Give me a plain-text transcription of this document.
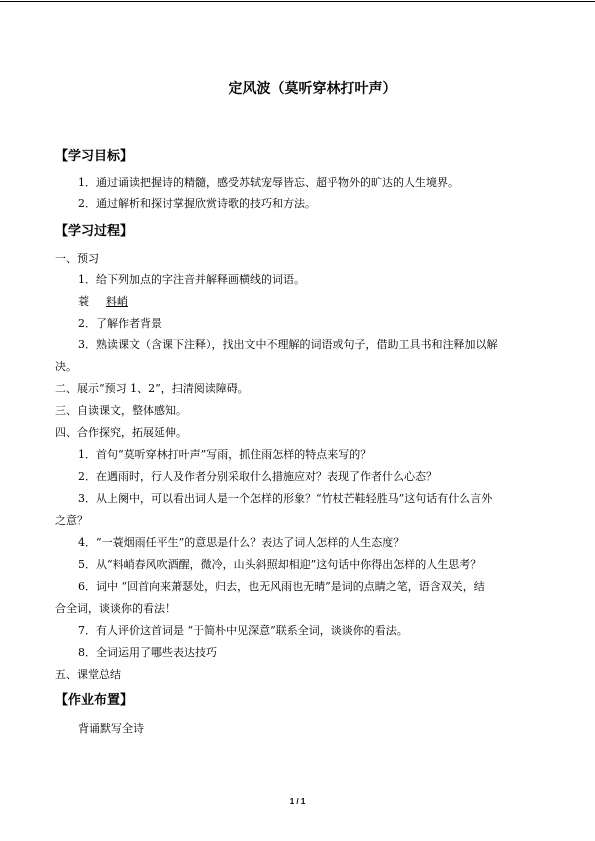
定风波（莫听穿林打叶声）
【学习目标】
1．通过诵读把握诗的精髓，感受苏轼宠辱皆忘、超乎物外的旷达的人生境界。
2．通过解析和探讨掌握欣赏诗歌的技巧和方法。
【学习过程】
一、预习
1．给下列加点的字注音并解释画横线的词语。
蓑 料峭
2．了解作者背景
3．熟读课文（含课下注释），找出文中不理解的词语或句子，借助工具书和注释加以解
决。
二、展示“预习 1、2”，扫清阅读障碍。
三、自读课文，整体感知。
四、合作探究，拓展延伸。
1．首句“莫听穿林打叶声”写雨，抓住雨怎样的特点来写的？
2．在遇雨时，行人及作者分别采取什么措施应对？表现了作者什么心态？
3．从上阕中，可以看出词人是一个怎样的形象？“竹杖芒鞋轻胜马”这句话有什么言外
之意？
4．“一蓑烟雨任平生”的意思是什么？表达了词人怎样的人生态度？
5．从“料峭春风吹酒醒，微冷，山头斜照却相迎”这句话中你得出怎样的人生思考？
6．词中 “回首向来萧瑟处，归去，也无风雨也无晴”是词的点睛之笔，语含双关，结
合全词，谈谈你的看法！
7．有人评价这首词是 “于简朴中见深意”联系全词，谈谈你的看法。
8．全词运用了哪些表达技巧
五、课堂总结
【作业布置】
背诵默写全诗
1 / 1
